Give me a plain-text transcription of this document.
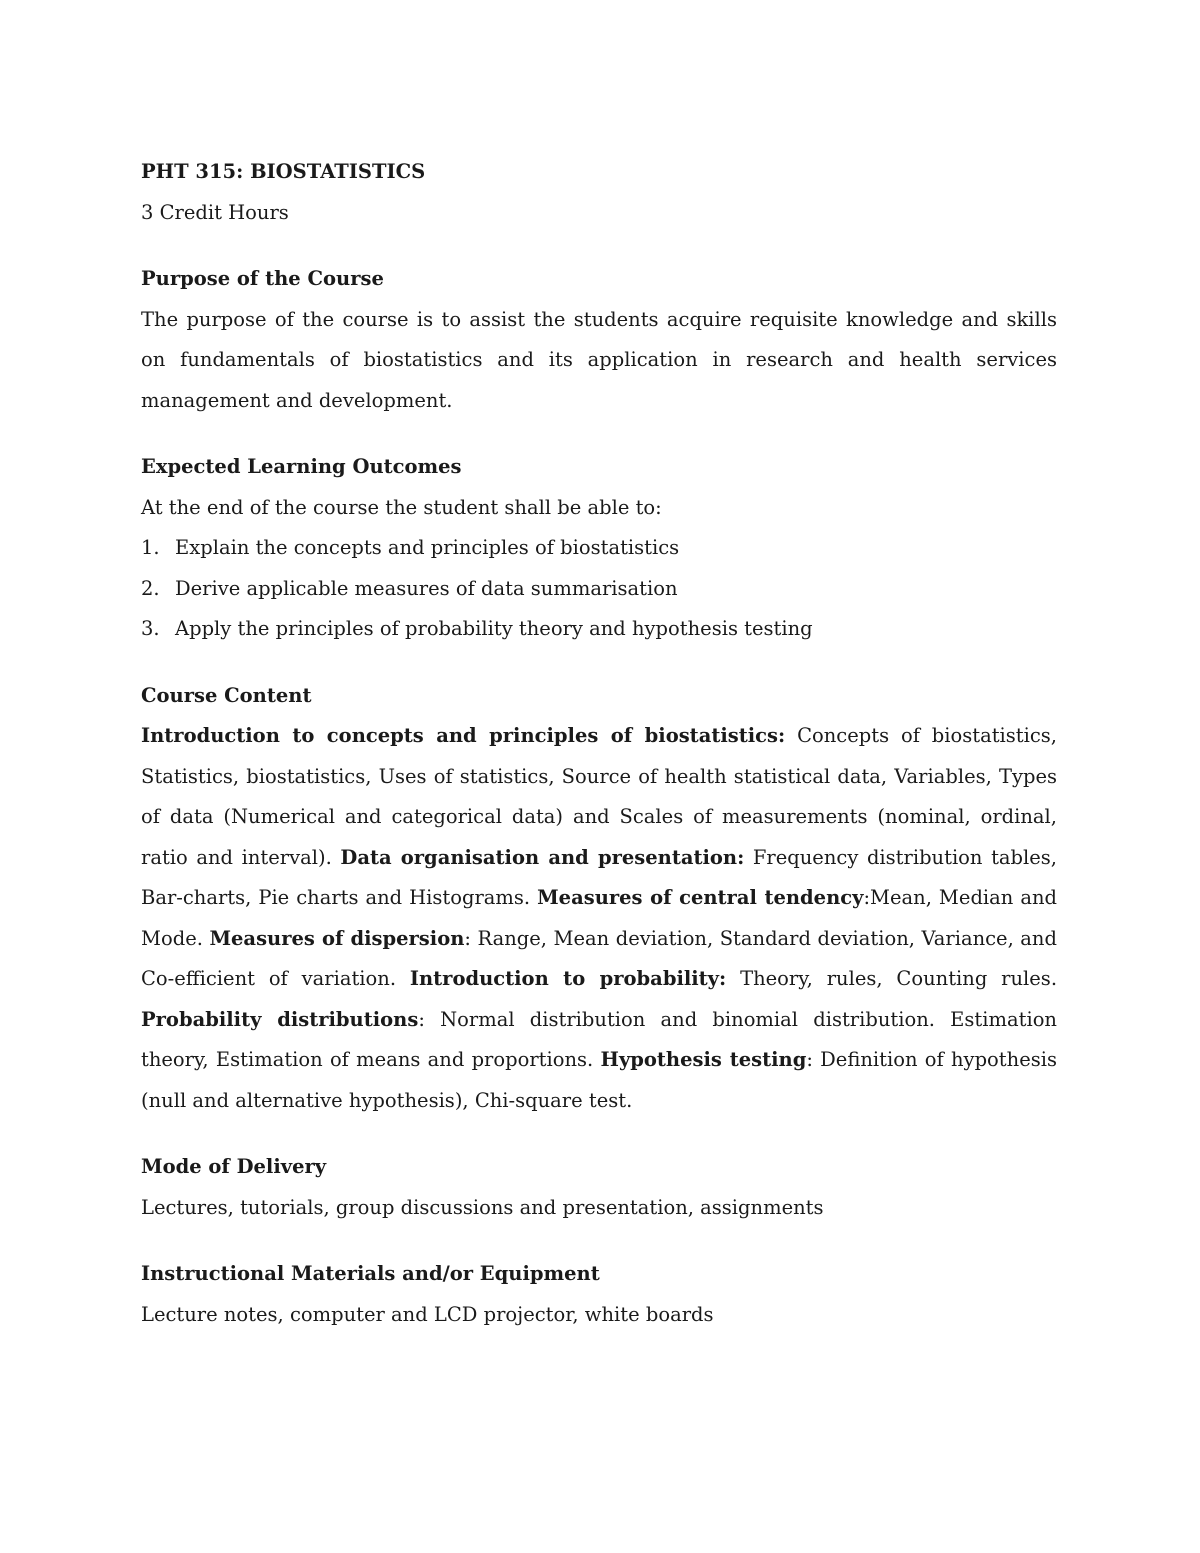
PHT 315: BIOSTATISTICS
3 Credit Hours
Purpose of the Course
The purpose of the course is to assist the students acquire requisite knowledge and skills on fundamentals of biostatistics and its application in research and health services management and development.
Expected Learning Outcomes
At the end of the course the student shall be able to:
1. Explain the concepts and principles of biostatistics
2. Derive applicable measures of data summarisation
3. Apply the principles of probability theory and hypothesis testing
Course Content
Introduction to concepts and principles of biostatistics: Concepts of biostatistics, Statistics, biostatistics, Uses of statistics, Source of health statistical data, Variables, Types of data (Numerical and categorical data) and Scales of measurements (nominal, ordinal, ratio and interval). Data organisation and presentation: Frequency distribution tables, Bar-charts, Pie charts and Histograms. Measures of central tendency:Mean, Median and Mode. Measures of dispersion: Range, Mean deviation, Standard deviation, Variance, and Co-efficient of variation. Introduction to probability: Theory, rules, Counting rules. Probability distributions: Normal distribution and binomial distribution. Estimation theory, Estimation of means and proportions. Hypothesis testing: Definition of hypothesis (null and alternative hypothesis), Chi-square test.
Mode of Delivery
Lectures, tutorials, group discussions and presentation, assignments
Instructional Materials and/or Equipment
Lecture notes, computer and LCD projector, white boards
